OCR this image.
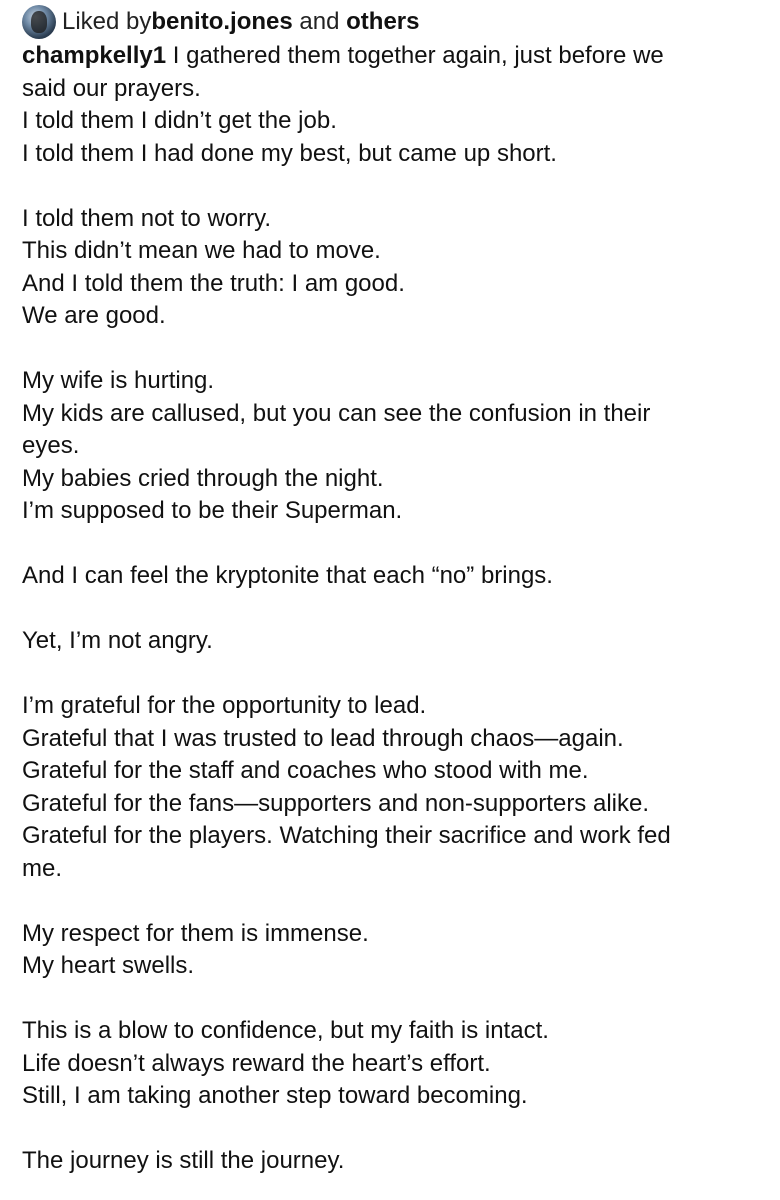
Liked by benito.jones and others
champkelly1 I gathered them together again, just before we
said our prayers.
I told them I didn’t get the job.
I told them I had done my best, but came up short.
I told them not to worry.
This didn’t mean we had to move.
And I told them the truth: I am good.
We are good.
My wife is hurting.
My kids are callused, but you can see the confusion in their
eyes.
My babies cried through the night.
I’m supposed to be their Superman.
And I can feel the kryptonite that each “no” brings.
Yet, I’m not angry.
I’m grateful for the opportunity to lead.
Grateful that I was trusted to lead through chaos—again.
Grateful for the staff and coaches who stood with me.
Grateful for the fans—supporters and non-supporters alike.
Grateful for the players. Watching their sacrifice and work fed
me.
My respect for them is immense.
My heart swells.
This is a blow to confidence, but my faith is intact.
Life doesn’t always reward the heart’s effort.
Still, I am taking another step toward becoming.
The journey is still the journey.
